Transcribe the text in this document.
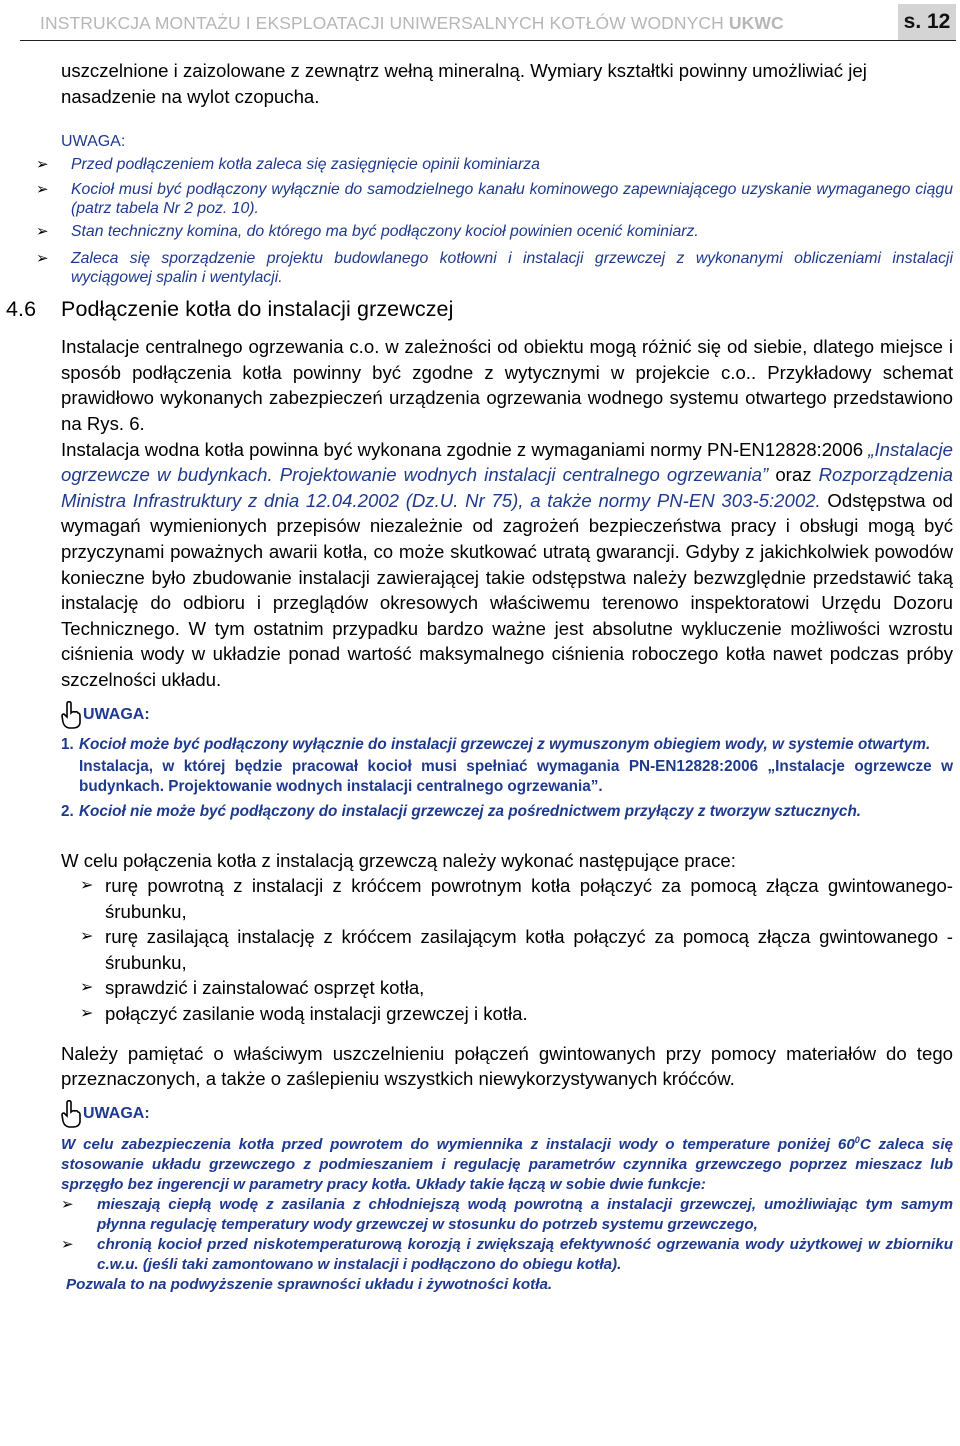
INSTRUKCJA MONTAŻU I EKSPLOATACJI UNIWERSALNYCH KOTŁÓW WODNYCH UKWC	s. 12

uszczelnione i zaizolowane z zewnątrz wełną mineralną. Wymiary kształtki powinny umożliwiać jej nasadzenie na wylot czopucha.

UWAGA:

➢ Przed podłączeniem kotła zaleca się zasięgnięcie opinii kominiarza
➢ Kocioł musi być podłączony wyłącznie do samodzielnego kanału kominowego zapewniającego uzyskanie wymaganego ciągu (patrz tabela Nr 2 poz. 10).
➢ Stan techniczny komina, do którego ma być podłączony kocioł powinien ocenić kominiarz.
➢ Zaleca się sporządzenie projektu budowlanego kotłowni i instalacji grzewczej z wykonanymi obliczeniami instalacji wyciągowej spalin i wentylacji.
4.6 Podłączenie kotła do instalacji grzewczej

Instalacje centralnego ogrzewania c.o. w zależności od obiektu mogą różnić się od siebie, dlatego miejsce i sposób podłączenia kotła powinny być zgodne z wytycznymi w projekcie c.o.. Przykładowy schemat prawidłowo wykonanych zabezpieczeń urządzenia ogrzewania wodnego systemu otwartego przedstawiono na Rys. 6.

Instalacja wodna kotła powinna być wykonana zgodnie z wymaganiami normy PN-EN12828:2006 „Instalacje ogrzewcze w budynkach. Projektowanie wodnych instalacji centralnego ogrzewania” oraz Rozporządzenia Ministra Infrastruktury z dnia 12.04.2002 (Dz.U. Nr 75), a także normy PN-EN 303-5:2002. Odstępstwa od wymagań wymienionych przepisów niezależnie od zagrożeń bezpieczeństwa pracy i obsługi mogą być przyczynami poważnych awarii kotła, co może skutkować utratą gwarancji. Gdyby z jakichkolwiek powodów konieczne było zbudowanie instalacji zawierającej takie odstępstwa należy bezwzględnie przedstawić taką instalację do odbioru i przeglądów okresowych właściwemu terenowo inspektoratowi Urzędu Dozoru Technicznego. W tym ostatnim przypadku bardzo ważne jest absolutne wykluczenie możliwości wzrostu ciśnienia wody w układzie ponad wartość maksymalnego ciśnienia roboczego kotła nawet podczas próby szczelności układu.

UWAGA:
1. Kocioł może być podłączony wyłącznie do instalacji grzewczej z wymuszonym obiegiem wody, w systemie otwartym.

Instalacja, w której będzie pracował kocioł musi spełniać wymagania PN-EN12828:2006 „Instalacje ogrzewcze w budynkach. Projektowanie wodnych instalacji centralnego ogrzewania”.

2. Kocioł nie może być podłączony do instalacji grzewczej za pośrednictwem przyłączy z tworzyw sztucznych.

W celu połączenia kotła z instalacją grzewczą należy wykonać następujące prace:

➢ rurę powrotną z instalacji z króćcem powrotnym kotła połączyć za pomocą złącza gwintowanego-śrubunku,
➢ rurę zasilającą instalację z króćcem zasilającym kotła połączyć za pomocą złącza gwintowanego - śrubunku,
➢ sprawdzić i zainstalować osprzęt kotła,
➢ połączyć zasilanie wodą instalacji grzewczej i kotła.

Należy pamiętać o właściwym uszczelnieniu połączeń gwintowanych przy pomocy materiałów do tego przeznaczonych, a także o zaślepieniu wszystkich niewykorzystywanych króćców.

UWAGA:

W celu zabezpieczenia kotła przed powrotem do wymiennika z instalacji wody o temperature poniżej $60^0C$ zaleca się stosowanie układu grzewczego z podmieszaniem i regulację parametrów czynnika grzewczego poprzez mieszacz lub sprzęgło bez ingerencji w parametry pracy kotła. Układy takie łączą w sobie dwie funkcje:

➢ mieszają ciepłą wodę z zasilania z chłodniejszą wodą powrotną a instalacji grzewczej, umożliwiając tym samym płynna regulację temperatury wody grzewczej w stosunku do potrzeb systemu grzewczego,
➢ chronią kocioł przed niskotemperaturową korozją i zwiększają efektywność ogrzewania wody użytkowej w zbiorniku c.w.u. (jeśli taki zamontowano w instalacji i podłączono do obiegu kotła).

Pozwala to na podwyższenie sprawności układu i żywotności kotła.
